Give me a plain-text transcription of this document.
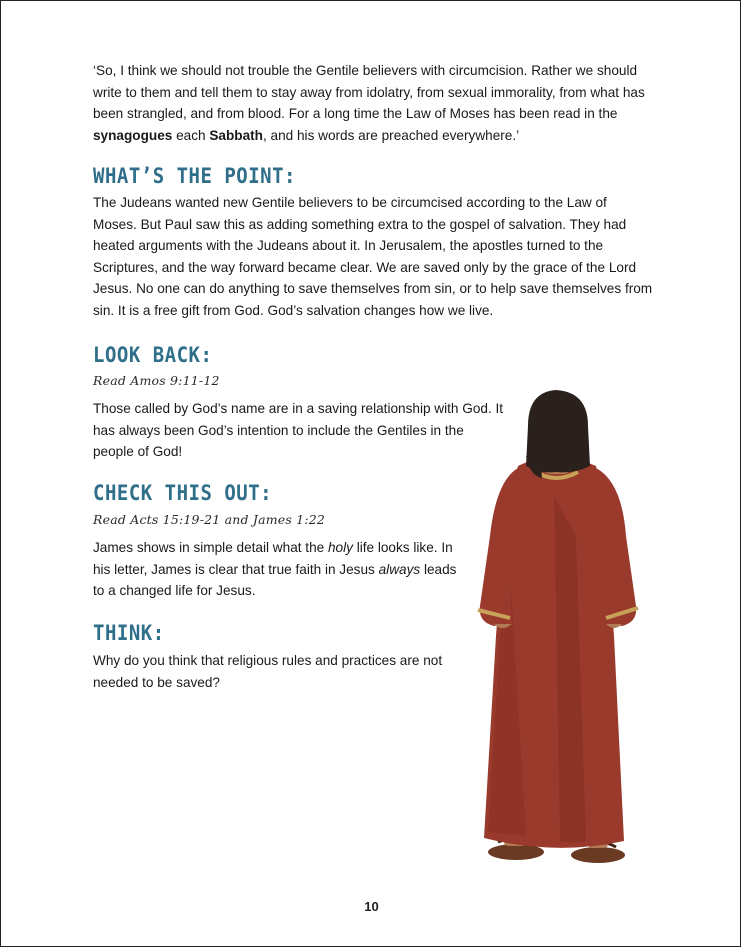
‘So, I think we should not trouble the Gentile believers with circumcision. Rather we should write to them and tell them to stay away from idolatry, from sexual immorality, from what has been strangled, and from blood. For a long time the Law of Moses has been read in the synagogues each Sabbath, and his words are preached everywhere.’

WHAT’S THE POINT:

The Judeans wanted new Gentile believers to be circumcised according to the Law of Moses. But Paul saw this as adding something extra to the gospel of salvation. They had heated arguments with the Judeans about it. In Jerusalem, the apostles turned to the Scriptures, and the way forward became clear. We are saved only by the grace of the Lord Jesus. No one can do anything to save themselves from sin, or to help save themselves from sin. It is a free gift from God. God’s salvation changes how we live.

LOOK BACK:
Read Amos 9:11-12

Those called by God’s name are in a saving relationship with God. It has always been God’s intention to include the Gentiles in the people of God!

CHECK THIS OUT:
Read Acts 15:19-21 and James 1:22

James shows in simple detail what the holy life looks like. In his letter, James is clear that true faith in Jesus always leads to a changed life for Jesus.

THINK:

Why do you think that religious rules and practices are not needed to be saved?

10
